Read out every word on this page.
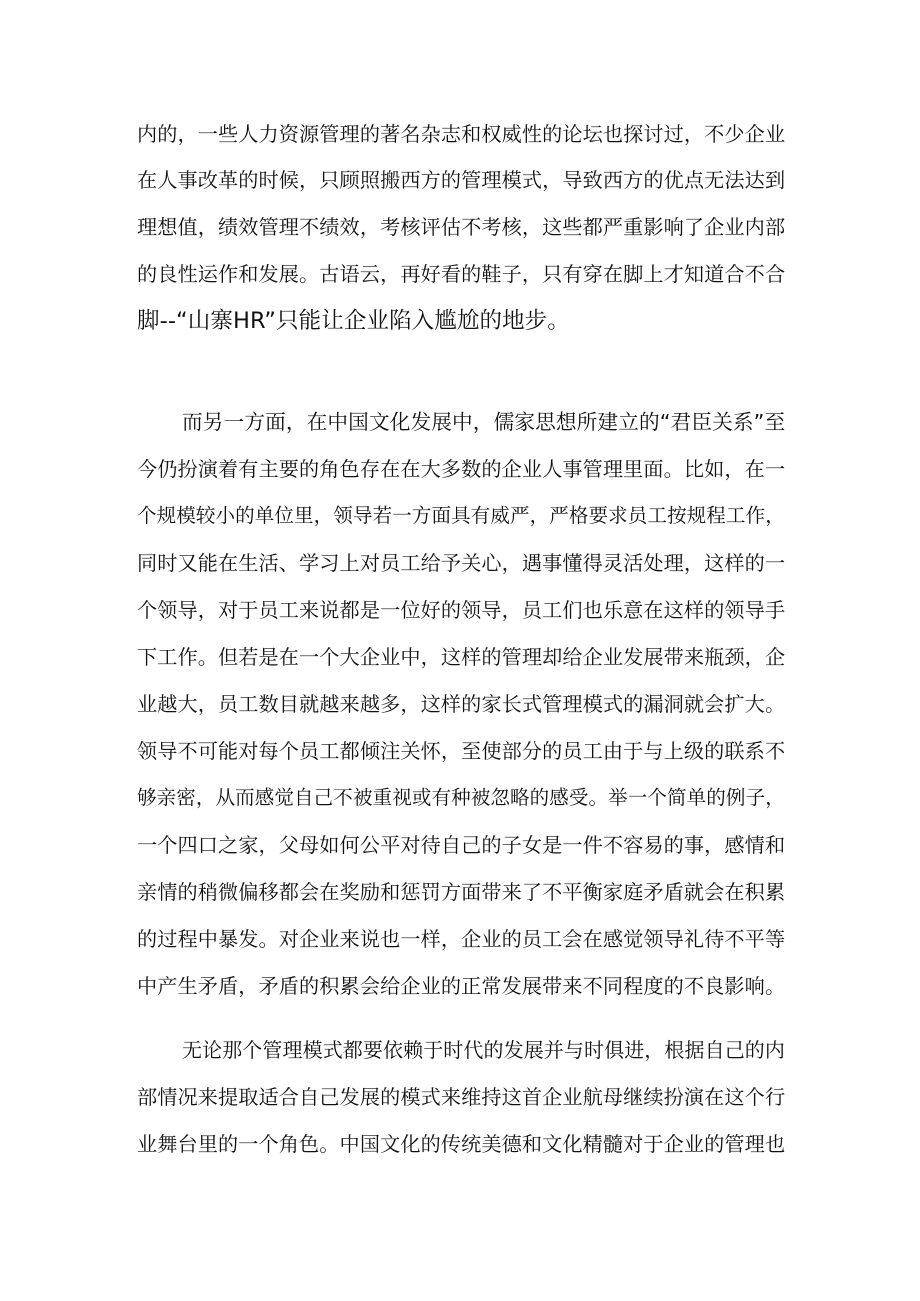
内的，一些人力资源管理的著名杂志和权威性的论坛也探讨过，不少企业
在人事改革的时候，只顾照搬西方的管理模式，导致西方的优点无法达到
理想值，绩效管理不绩效，考核评估不考核，这些都严重影响了企业内部
的良性运作和发展。古语云，再好看的鞋子，只有穿在脚上才知道合不合
脚--“山寨HR”只能让企业陷入尴尬的地步。
而另一方面，在中国文化发展中，儒家思想所建立的“君臣关系”至
今仍扮演着有主要的角色存在在大多数的企业人事管理里面。比如，在一
个规模较小的单位里，领导若一方面具有威严，严格要求员工按规程工作，
同时又能在生活、学习上对员工给予关心，遇事懂得灵活处理，这样的一
个领导，对于员工来说都是一位好的领导，员工们也乐意在这样的领导手
下工作。但若是在一个大企业中，这样的管理却给企业发展带来瓶颈，企
业越大，员工数目就越来越多，这样的家长式管理模式的漏洞就会扩大。
领导不可能对每个员工都倾注关怀，至使部分的员工由于与上级的联系不
够亲密，从而感觉自己不被重视或有种被忽略的感受。举一个简单的例子，
一个四口之家，父母如何公平对待自己的子女是一件不容易的事，感情和
亲情的稍微偏移都会在奖励和惩罚方面带来了不平衡家庭矛盾就会在积累
的过程中暴发。对企业来说也一样，企业的员工会在感觉领导礼待不平等
中产生矛盾，矛盾的积累会给企业的正常发展带来不同程度的不良影响。
无论那个管理模式都要依赖于时代的发展并与时俱进，根据自己的内
部情况来提取适合自己发展的模式来维持这首企业航母继续扮演在这个行
业舞台里的一个角色。中国文化的传统美德和文化精髓对于企业的管理也
